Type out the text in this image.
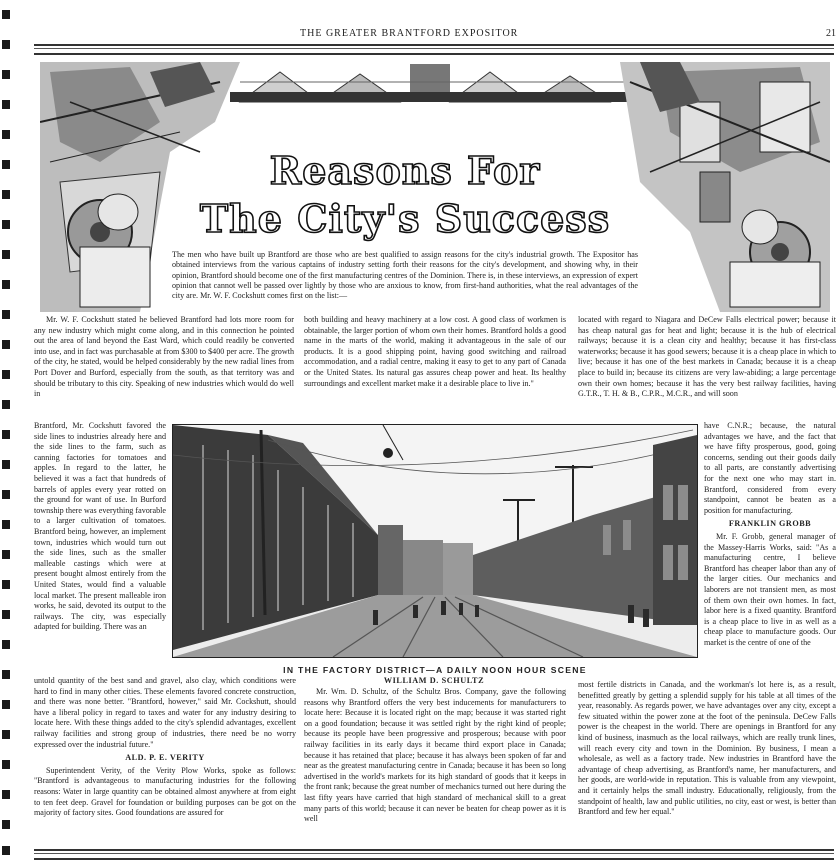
THE GREATER BRANTFORD EXPOSITOR	21
Reasons For
The City's Success
The men who have built up Brantford are those who are best qualified to assign reasons for the city's industrial growth. The Expositor has obtained interviews from the various captains of industry setting forth their reasons for the city's development, and showing why, in their opinion, Brantford should become one of the first manufacturing centres of the Dominion. There is, in these interviews, an expression of expert opinion that cannot well be passed over lightly by those who are anxious to know, from first-hand authorities, what the real advantages of the city are. Mr. W. F. Cockshutt comes first on the list:—

Mr. W. F. Cockshutt stated he believed Brantford had lots more room for any new industry which might come along, and in this connection he pointed out the area of land beyond the East Ward, which could readily be converted into use, and in fact was purchasable at from $300 to $400 per acre. The growth of the city, he stated, would be helped considerably by the new radial lines from Port Dover and Burford, especially from the south, as that territory was and should be tributary to this city. Speaking of new industries which would do well in

Brantford, Mr. Cockshutt favored the side lines to industries already here and the side lines to the farm, such as canning factories for tomatoes and apples. In regard to the latter, he believed it was a fact that hundreds of barrels of apples every year rotted on the ground for want of use. In Burford township there was everything favorable to a larger cultivation of tomatoes. Brantford being, however, an implement town, industries which would turn out the side lines, such as the smaller malleable castings which were at present bought almost entirely from the United States, would find a valuable local market. The present malleable iron works, he said, devoted its output to the railways. The city, was especially adapted for building. There was an

untold quantity of the best sand and gravel, also clay, which conditions were hard to find in many other cities. These elements favored concrete construction, and there was none better. "Brantford, however," said Mr. Cockshutt, should have a liberal policy in regard to taxes and water for any industry desiring to locate here. With these things added to the city's splendid advantages, excellent railway facilities and strong group of industries, there need be no worry expressed over the industrial future."

ALD. P. E. VERITY

Superintendent Verity, of the Verity Plow Works, spoke as follows: "Brantford is advantageous to manufacturing industries for the following reasons: Water in large quantity can be obtained almost anywhere at from eight to ten feet deep. Gravel for foundation or building purposes can be got on the majority of factory sites. Good foundations are assured for

both building and heavy machinery at a low cost. A good class of workmen is obtainable, the larger portion of whom own their homes. Brantford holds a good name in the marts of the world, making it advantageous in the sale of our products. It is a good shipping point, having good switching and railroad accommodation, and a radial centre, making it easy to get to any part of Canada or the United States. Its natural gas assures cheap power and heat. Its healthy surroundings and excellent market make it a desirable place to live in."

located with regard to Niagara and DeCew Falls electrical power; because it has cheap natural gas for heat and light; because it is the hub of electrical railways; because it is a clean city and healthy; because it has first-class waterworks; because it has good sewers; because it is a cheap place in which to live; because it has one of the best markets in Canada; because it is a cheap place to build in; because its citizens are very law-abiding; a large percentage own their own homes; because it has the very best railway facilities, having G.T.R., T. H. & B., C.P.R., M.C.R., and will soon

have C.N.R.; because, the natural advantages we have, and the fact that we have fifty prosperous, good, going concerns, sending out their goods daily to all parts, are constantly advertising for the next one who may start in. Brantford, considered from every standpoint, cannot be beaten as a position for manufacturing.

FRANKLIN GROBB

Mr. F. Grobb, general manager of the Massey-Harris Works, said: "As a manufacturing centre, I believe Brantford has cheaper labor than any of the larger cities. Our mechanics and laborers are not transient men, as most of them own their own homes. In fact, labor here is a fixed quantity. Brantford is a cheap place to live in as well as a cheap place to manufacture goods. Our market is the centre of one of the

most fertile districts in Canada, and the workman's lot here is, as a result, benefitted greatly by getting a splendid supply for his table at all times of the year, reasonably. As regards power, we have advantages over any city, except a few situated within the power zone at the foot of the peninsula. DeCew Falls power is the cheapest in the world. There are openings in Brantford for any kind of business, inasmuch as the local railways, which are really trunk lines, will reach every city and town in the Dominion. By business, I mean a wholesale, as well as a factory trade. New industries in Brantford have the advantage of cheap advertising, as Brantford's name, her manufacturers, and her goods, are world-wide in reputation. This is valuable from any viewpoint, and it certainly helps the small industry. Educationally, religiously, from the standpoint of health, law and public utilities, no city, east or west, is better than Brantford and few her equal."

IN THE FACTORY DISTRICT—A DAILY NOON HOUR SCENE
WILLIAM D. SCHULTZ

Mr. Wm. D. Schultz, of the Schultz Bros. Company, gave the following reasons why Brantford offers the very best inducements for manufacturers to locate here: Because it is located right on the map; because it was started right on a good foundation; because it was settled right by the right kind of people; because its people have been progressive and prosperous; because with poor railway facilities in its early days it became third export place in Canada; because it has retained that place; because it has always been spoken of far and near as the greatest manufacturing centre in Canada; because it has been so long advertised in the world's markets for its high standard of goods that it keeps in the front rank; because the great number of mechanics turned out here during the last fifty years have carried that high standard of mechanical skill to a great many parts of this world; because it can never be beaten for cheap power as it is well
